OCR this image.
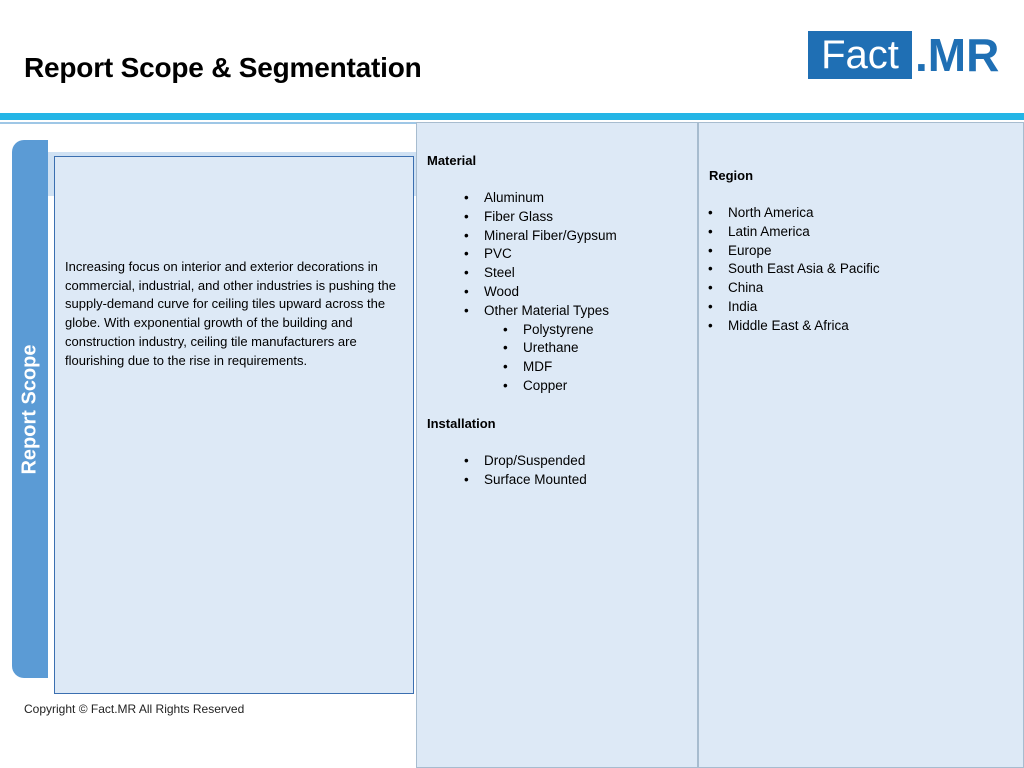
Report Scope & Segmentation	Fact .MR
Report Scope

Increasing focus on interior and exterior decorations in commercial, industrial, and other industries is pushing the supply-demand curve for ceiling tiles upward across the globe. With exponential growth of the building and construction industry, ceiling tile manufacturers are flourishing due to the rise in requirements.

Material
• Aluminum
• Fiber Glass
• Mineral Fiber/Gypsum
• PVC
• Steel
• Wood
• Other Material Types
• Polystyrene
• Urethane
• MDF
• Copper
Installation
• Drop/Suspended
• Surface Mounted
Region
• North America
• Latin America
• Europe
• South East Asia & Pacific
• China
• India
• Middle East & Africa
Copyright © Fact.MR All Rights Reserved
